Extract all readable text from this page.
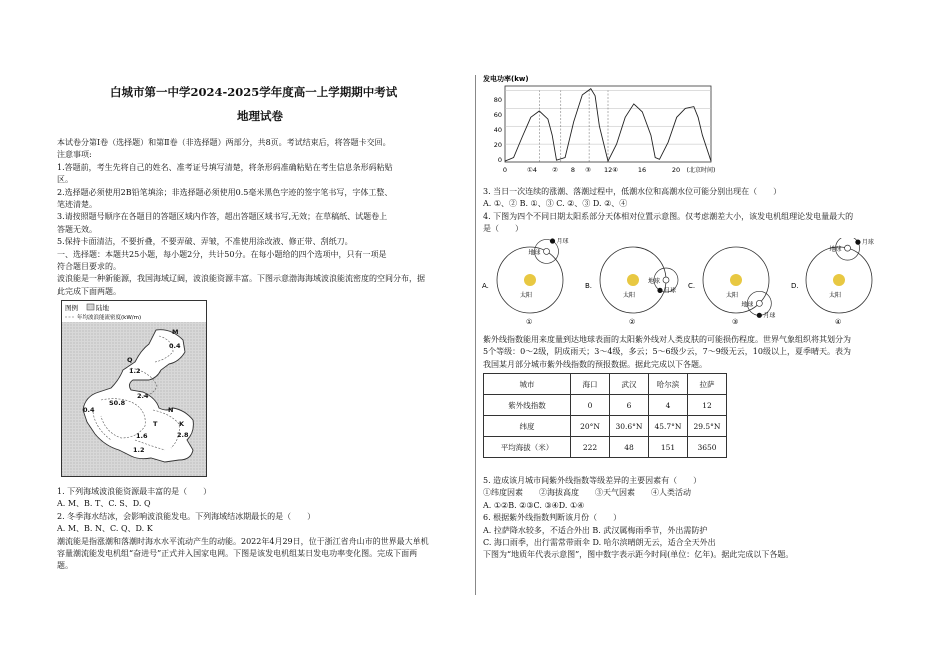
白城市第一中学2024-2025学年度高一上学期期中考试
地理试卷
本试卷分第Ⅰ卷（选择题）和第Ⅱ卷（非选择题）两部分，共8页。考试结束后，将答题卡交回。
注意事项:
1.答题前，考生先将自己的姓名、准考证号填写清楚，将条形码准确粘贴在考生信息条形码粘贴
区。
2.选择题必须使用2B铅笔填涂；非选择题必须使用0.5毫米黑色字迹的签字笔书写，字体工整、
笔迹清楚。
3.请按照题号顺序在各题目的答题区域内作答，超出答题区域书写,无效；在草稿纸、试题卷上
答题无效。
5.保持卡面清洁，不要折叠，不要弄破、弄皱，不准使用涂改液、修正带、刮纸刀。
一、选择题：本题共25小题，每小题2分，共计50分。在每小题给的四个选项中，只有一项是
符合题目要求的。
波浪能是一种新能源，我国海域辽阔，波浪能资源丰富。下图示意渤海海域波浪能流密度的空间分布，据
此完成下面两题。
图例	陆地
年均波浪能流密度(kW/m)
M
0.4
Q
1.2
2.4
S0.8
0.4	N
K
1.6	2.8
T
1.2
1. 下列海域波浪能资源最丰富的是（　　）
A. M、B. T、C. S、D. Q
2. 冬季海水结冰，会影响波浪能发电。下列海域结冰期最长的是（　　）
A. M、B. N、C. Q、D. K
潮流能是指涨潮和落潮时海水水平流动产生的动能。2022年4月29日，位于浙江省舟山市的世界最大单机
容量潮流能发电机组“奋进号”正式并入国家电网。下图是该发电机组某日发电功率变化图。完成下面两
题。
发电功率(kw)
80
60
40
20
0
0	①4 ② 8 ③ 12④	16	20 (北京时间)
3. 当日一次连续的涨潮、落潮过程中，低潮水位和高潮水位可能分别出现在（　　）
A. ①、② B. ①、③ C. ②、③ D. ②、④
4. 下图为四个不同日期太阳系部分天体相对位置示意图。仅考虑潮差大小，该发电机组理论发电量最大的
是（　　）
太阳
地球
月球
A.
①
太阳
地球
月球
B.
②
太阳
地球
月球
C.
③
太阳
地球
月球
D.
④
紫外线指数能用来度量到达地球表面的太阳紫外线对人类皮肤的可能损伤程度。世界气象组织将其划分为
5个等级：0～2级，阴成雨天；3～4级，多云；5～6级少云，7～9级无云，10级以上，夏季晴天。表为
我国某月部分城市紫外线指数的预报数据。据此完成以下各题。
城市	海口	武汉	哈尔滨	拉萨
紫外线指数	0	6	4	12
纬度	20°N	30.6°N	45.7°N	29.5°N
平均海拔（米）	222	48	151	3650
5. 造成该月城市间紫外线指数等级差异的主要因素有（　　）
①纬度因素　　②海拔高度　　③天气因素　　④人类活动
A. ①②B. ②③C. ③④D. ①④
6. 根据紫外线指数判断该月份（　　）
A. 拉萨降水较多，不适合外出 B. 武汉属梅雨季节，外出需防护
C. 海口雨季，出行需常带雨伞 D. 哈尔滨晴朗无云，适合全天外出
下图为“地质年代表示意图”，图中数字表示距今时间(单位：亿年)。据此完成以下各题。
